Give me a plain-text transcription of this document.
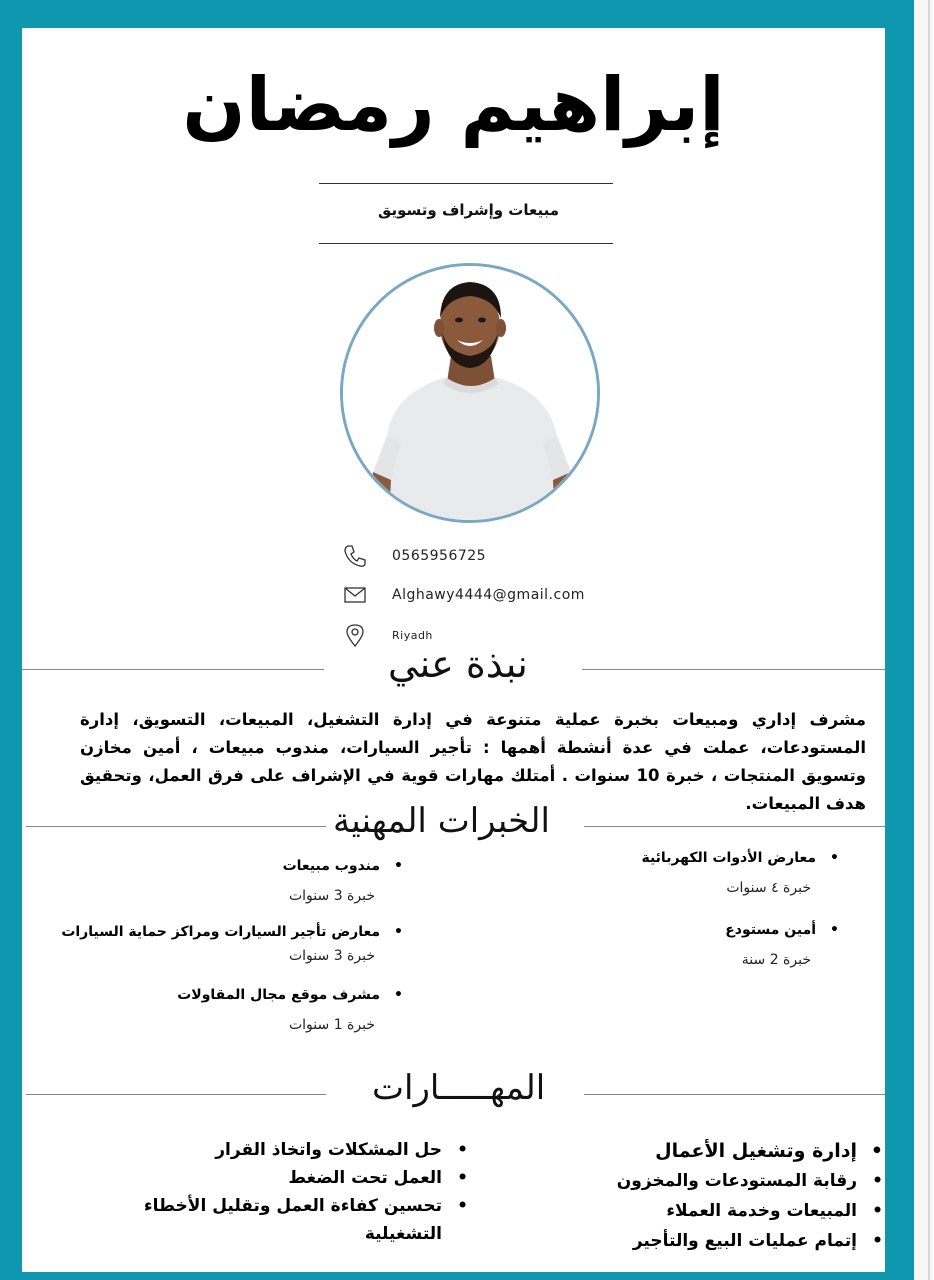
إبراهيم رمضان
مبيعات وإشراف وتسويق
0565956725
Alghawy4444@gmail.com
Riyadh
نبذة عني
مشرف إداري ومبيعات بخبرة عملية متنوعة في إدارة التشغيل، المبيعات، التسويق، إدارة المستودعات، عملت في عدة أنشطة أهمها : تأجير السيارات، مندوب مبيعات ، أمين مخازن وتسويق المنتجات ، خبرة 10 سنوات . أمتلك مهارات قوية في الإشراف على فرق العمل، وتحقيق هدف المبيعات.
الخبرات المهنية
•معارض الأدوات الكهربائية
خبرة ٤ سنوات
•أمين مستودع
خبرة 2 سنة
•مندوب مبيعات
خبرة 3 سنوات
•معارض تأجير السيارات ومراكز حماية السيارات
خبرة 3 سنوات
•مشرف موقع مجال المقاولات
خبرة 1 سنوات
المهـــــارات
• إدارة وتشغيل الأعمال
• رقابة المستودعات والمخزون
• المبيعات وخدمة العملاء
• إتمام عمليات البيع والتأجير
• حل المشكلات واتخاذ القرار
• العمل تحت الضغط
• تحسين كفاءة العمل وتقليل الأخطاء التشغيلية
